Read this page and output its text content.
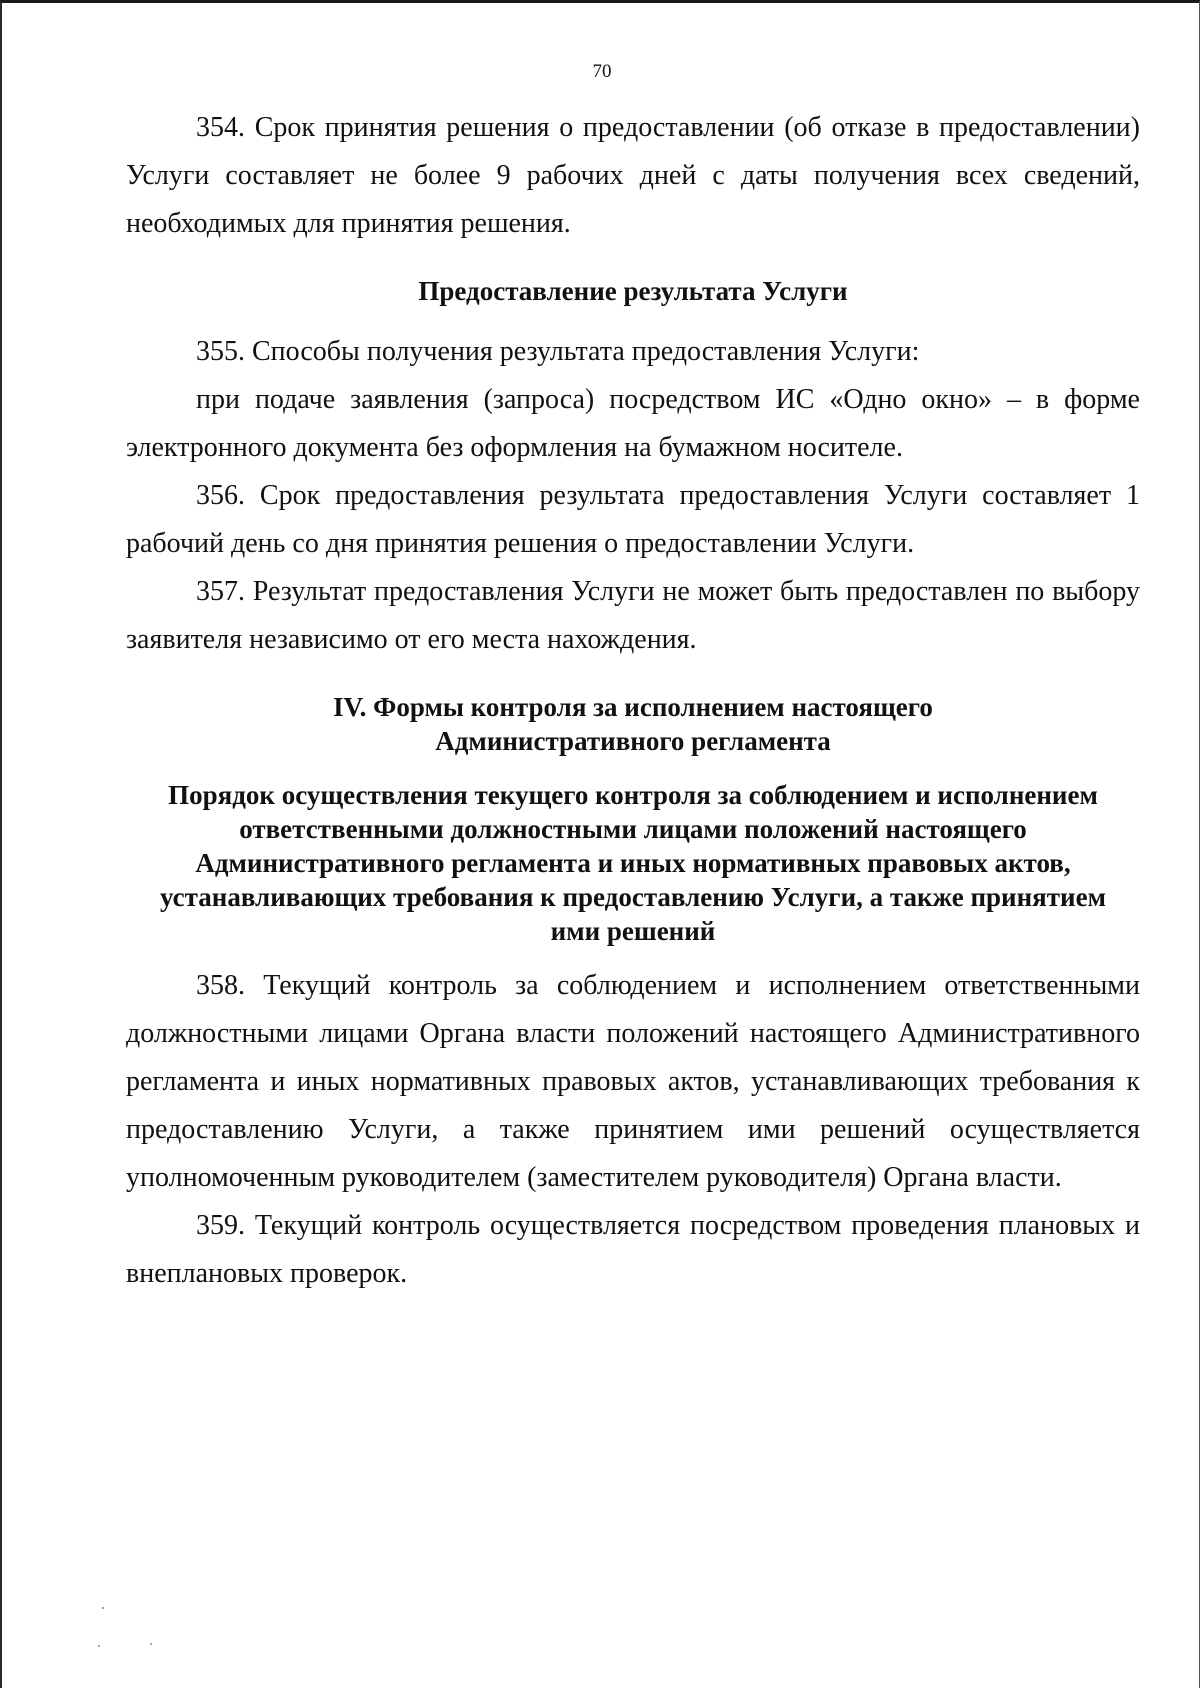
70

354. Срок принятия решения о предоставлении (об отказе в предоставлении) Услуги составляет не более 9 рабочих дней с даты получения всех сведений, необходимых для принятия решения.

Предоставление результата Услуги

355. Способы получения результата предоставления Услуги:

при подаче заявления (запроса) посредством ИС «Одно окно» – в форме электронного документа без оформления на бумажном носителе.

356. Срок предоставления результата предоставления Услуги составляет 1 рабочий день со дня принятия решения о предоставлении Услуги.

357. Результат предоставления Услуги не может быть предоставлен по выбору заявителя независимо от его места нахождения.

IV. Формы контроля за исполнением настоящего
Административного регламента
Порядок осуществления текущего контроля за соблюдением и исполнением
ответственными должностными лицами положений настоящего
Административного регламента и иных нормативных правовых актов,
устанавливающих требования к предоставлению Услуги, а также принятием
ими решений

358. Текущий контроль за соблюдением и исполнением ответственными должностными лицами Органа власти положений настоящего Административного регламента и иных нормативных правовых актов, устанавливающих требования к предоставлению Услуги, а также принятием ими решений осуществляется уполномоченным руководителем (заместителем руководителя) Органа власти.

359. Текущий контроль осуществляется посредством проведения плановых и внеплановых проверок.
